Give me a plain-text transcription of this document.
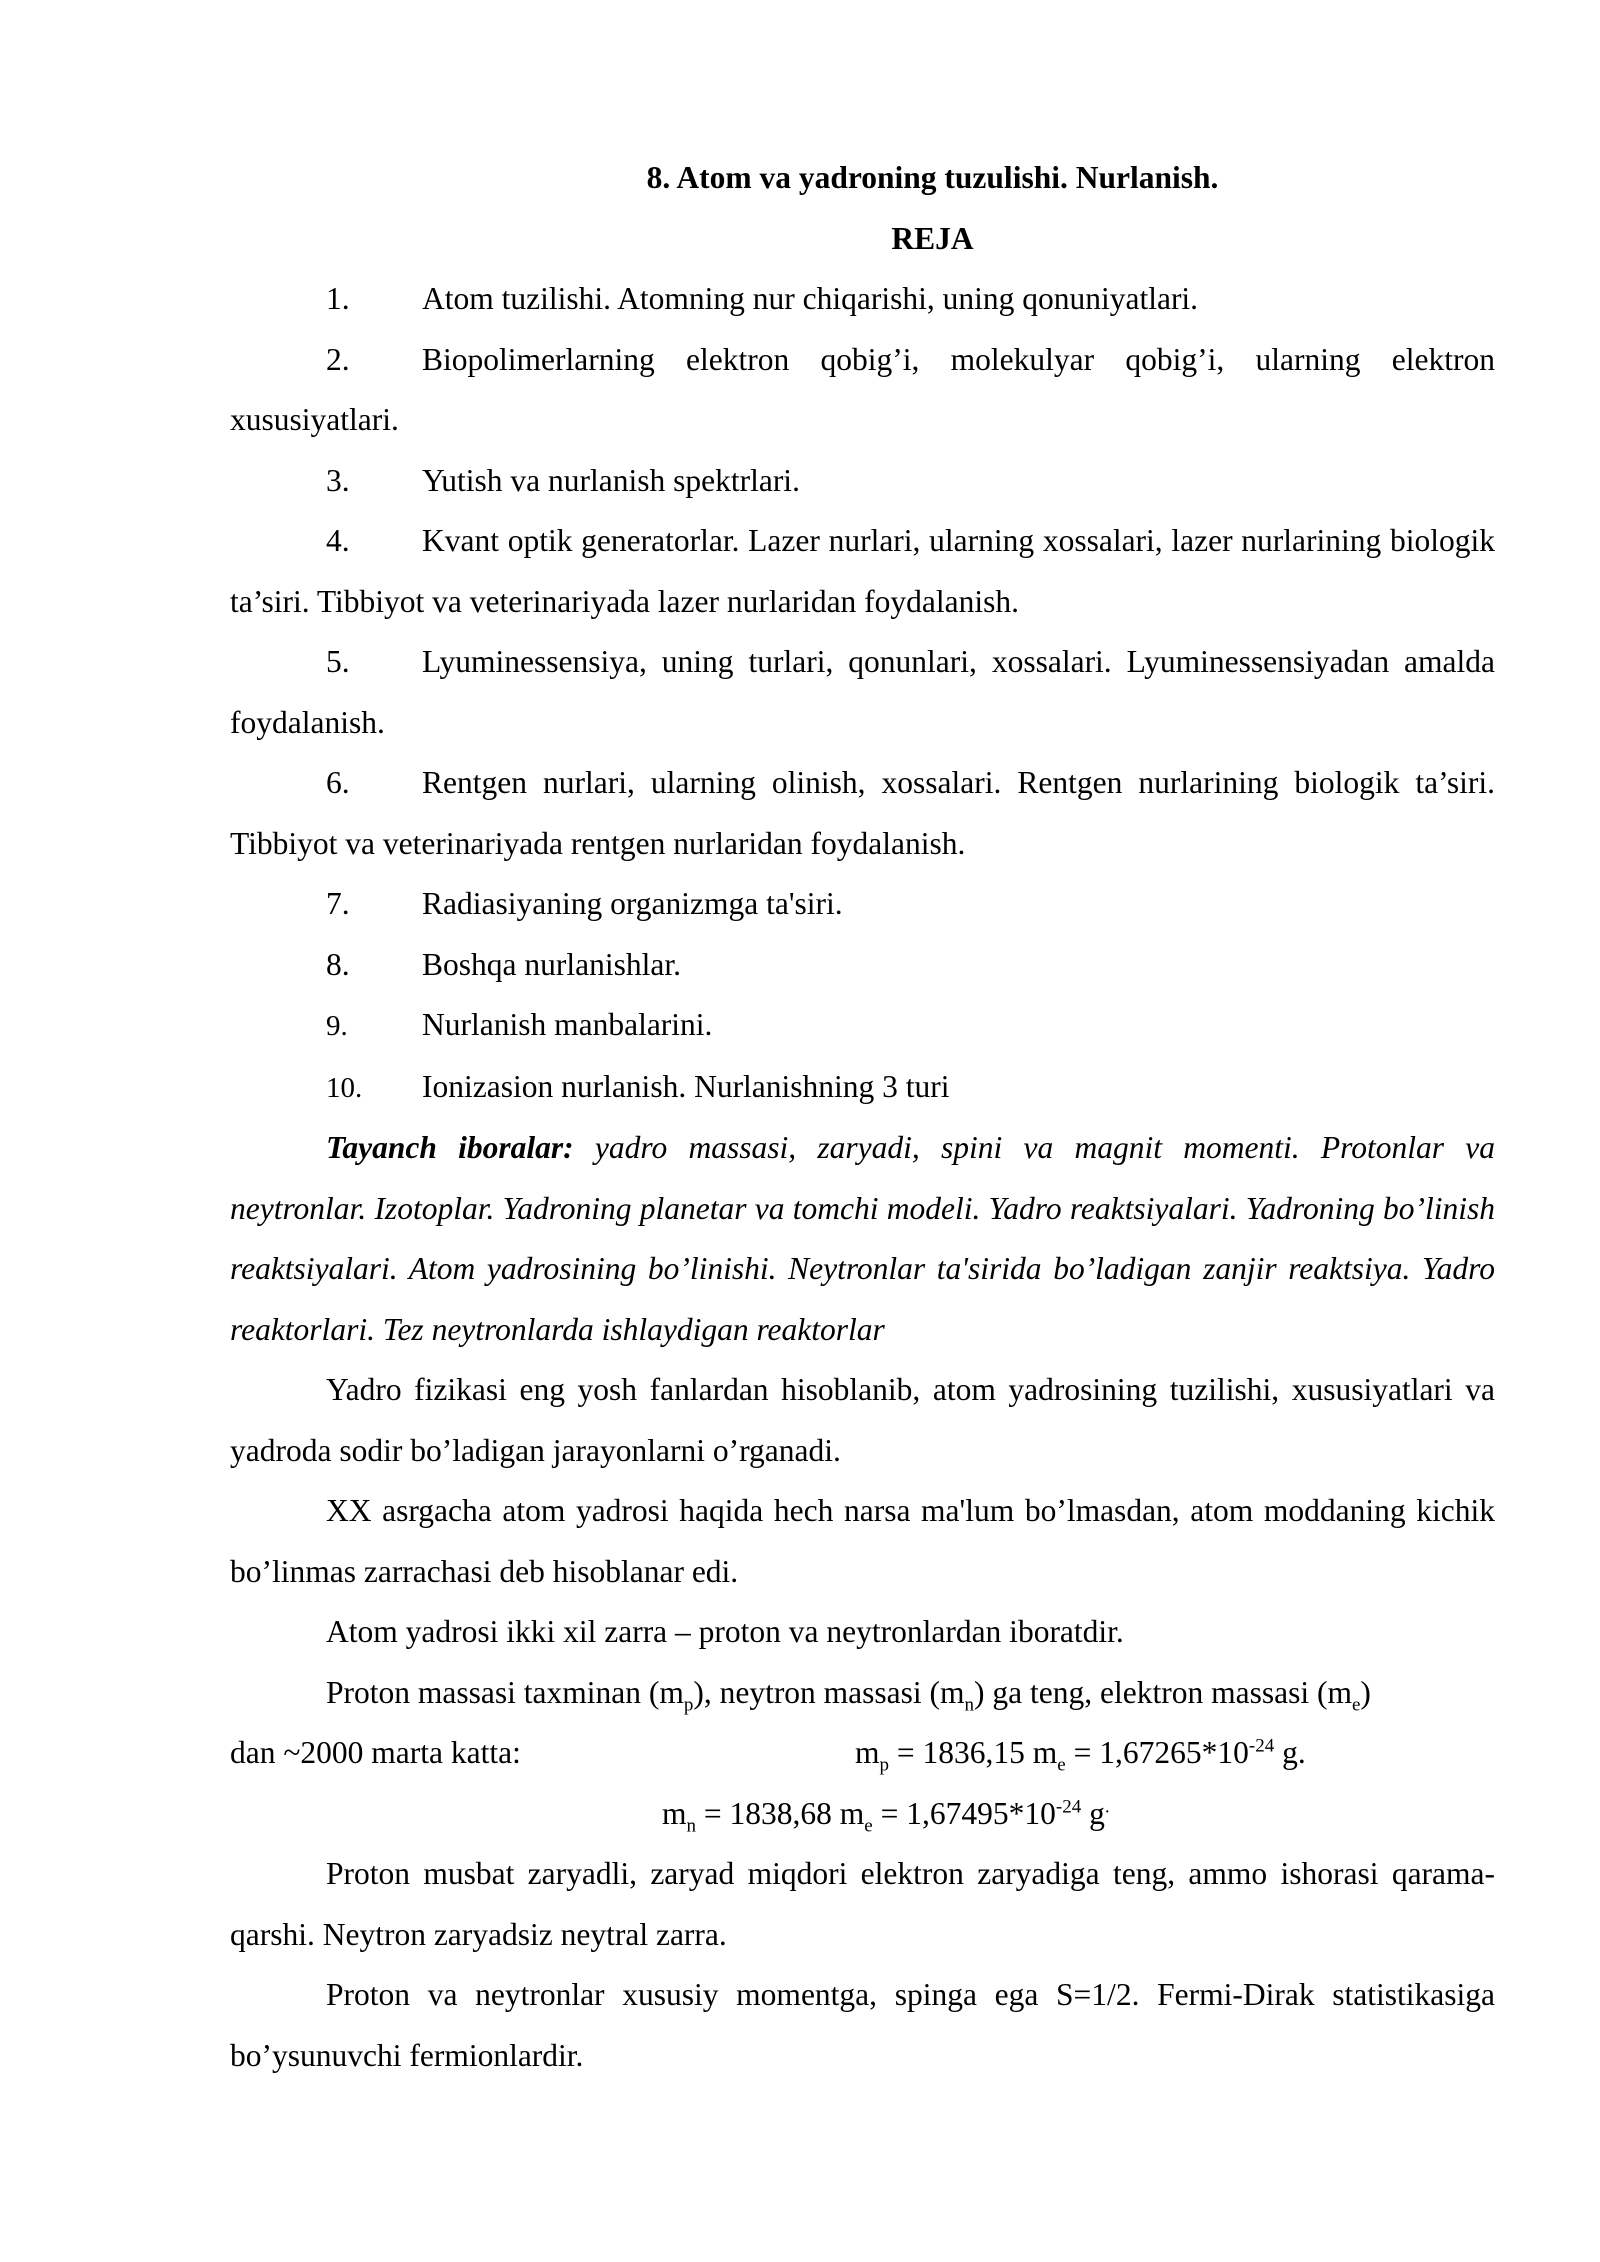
8. Atom va yadroning tuzulishi. Nurlanish.

REJA

1. Atom tuzilishi. Atomning nur chiqarishi, uning qonuniyatlari.

2. Biopolimerlarning elektron qobig’i, molekulyar qobig’i, ularning elektron xususiyatlari.

3. Yutish va nurlanish spektrlari.

4. Kvant optik generatorlar. Lazer nurlari, ularning xossalari, lazer nurlarining biologik ta’siri. Tibbiyot va veterinariyada lazer nurlaridan foydalanish.

5. Lyuminessensiya, uning turlari, qonunlari, xossalari. Lyuminessensiyadan amalda foydalanish.

6. Rentgen nurlari, ularning olinish, xossalari. Rentgen nurlarining biologik ta’siri. Tibbiyot va veterinariyada rentgen nurlaridan foydalanish.

7. Radiasiyaning organizmga ta'siri.

8. Boshqa nurlanishlar.

9. Nurlanish manbalarini.

10. Ionizasion nurlanish. Nurlanishning 3 turi

Tayanch iboralar: yadro massasi, zaryadi, spini va magnit momenti. Protonlar va neytronlar. Izotoplar. Yadroning planetar va tomchi modeli. Yadro reaktsiyalari. Yadroning bo’linish reaktsiyalari. Atom yadrosining bo’linishi. Neytronlar ta'sirida bo’ladigan zanjir reaktsiya. Yadro reaktorlari. Tez neytronlarda ishlaydigan reaktorlar

Yadro fizikasi eng yosh fanlardan hisoblanib, atom yadrosining tuzilishi, xususiyatlari va yadroda sodir bo’ladigan jarayonlarni o’rganadi.

XX asrgacha atom yadrosi haqida hech narsa ma'lum bo’lmasdan, atom moddaning kichik bo’linmas zarrachasi deb hisoblanar edi.

Atom yadrosi ikki xil zarra – proton va neytronlardan iboratdir.

Proton massasi taxminan $(m_p)$, neytron massasi $(m_n)$ ga teng, elektron massasi $(m_e)$

dan ~2000 marta katta:	$m_p = 1836,15$ $m_e = 1,67265*10^{-24}$ g.

$m_n = 1838,68$ $m_e = 1,67495*10^{-24}$ g.

Proton musbat zaryadli, zaryad miqdori elektron zaryadiga teng, ammo ishorasi qarama-qarshi. Neytron zaryadsiz neytral zarra.

Proton va neytronlar xususiy momentga, spinga ega S=1/2. Fermi-Dirak statistikasiga bo’ysunuvchi fermionlardir.
